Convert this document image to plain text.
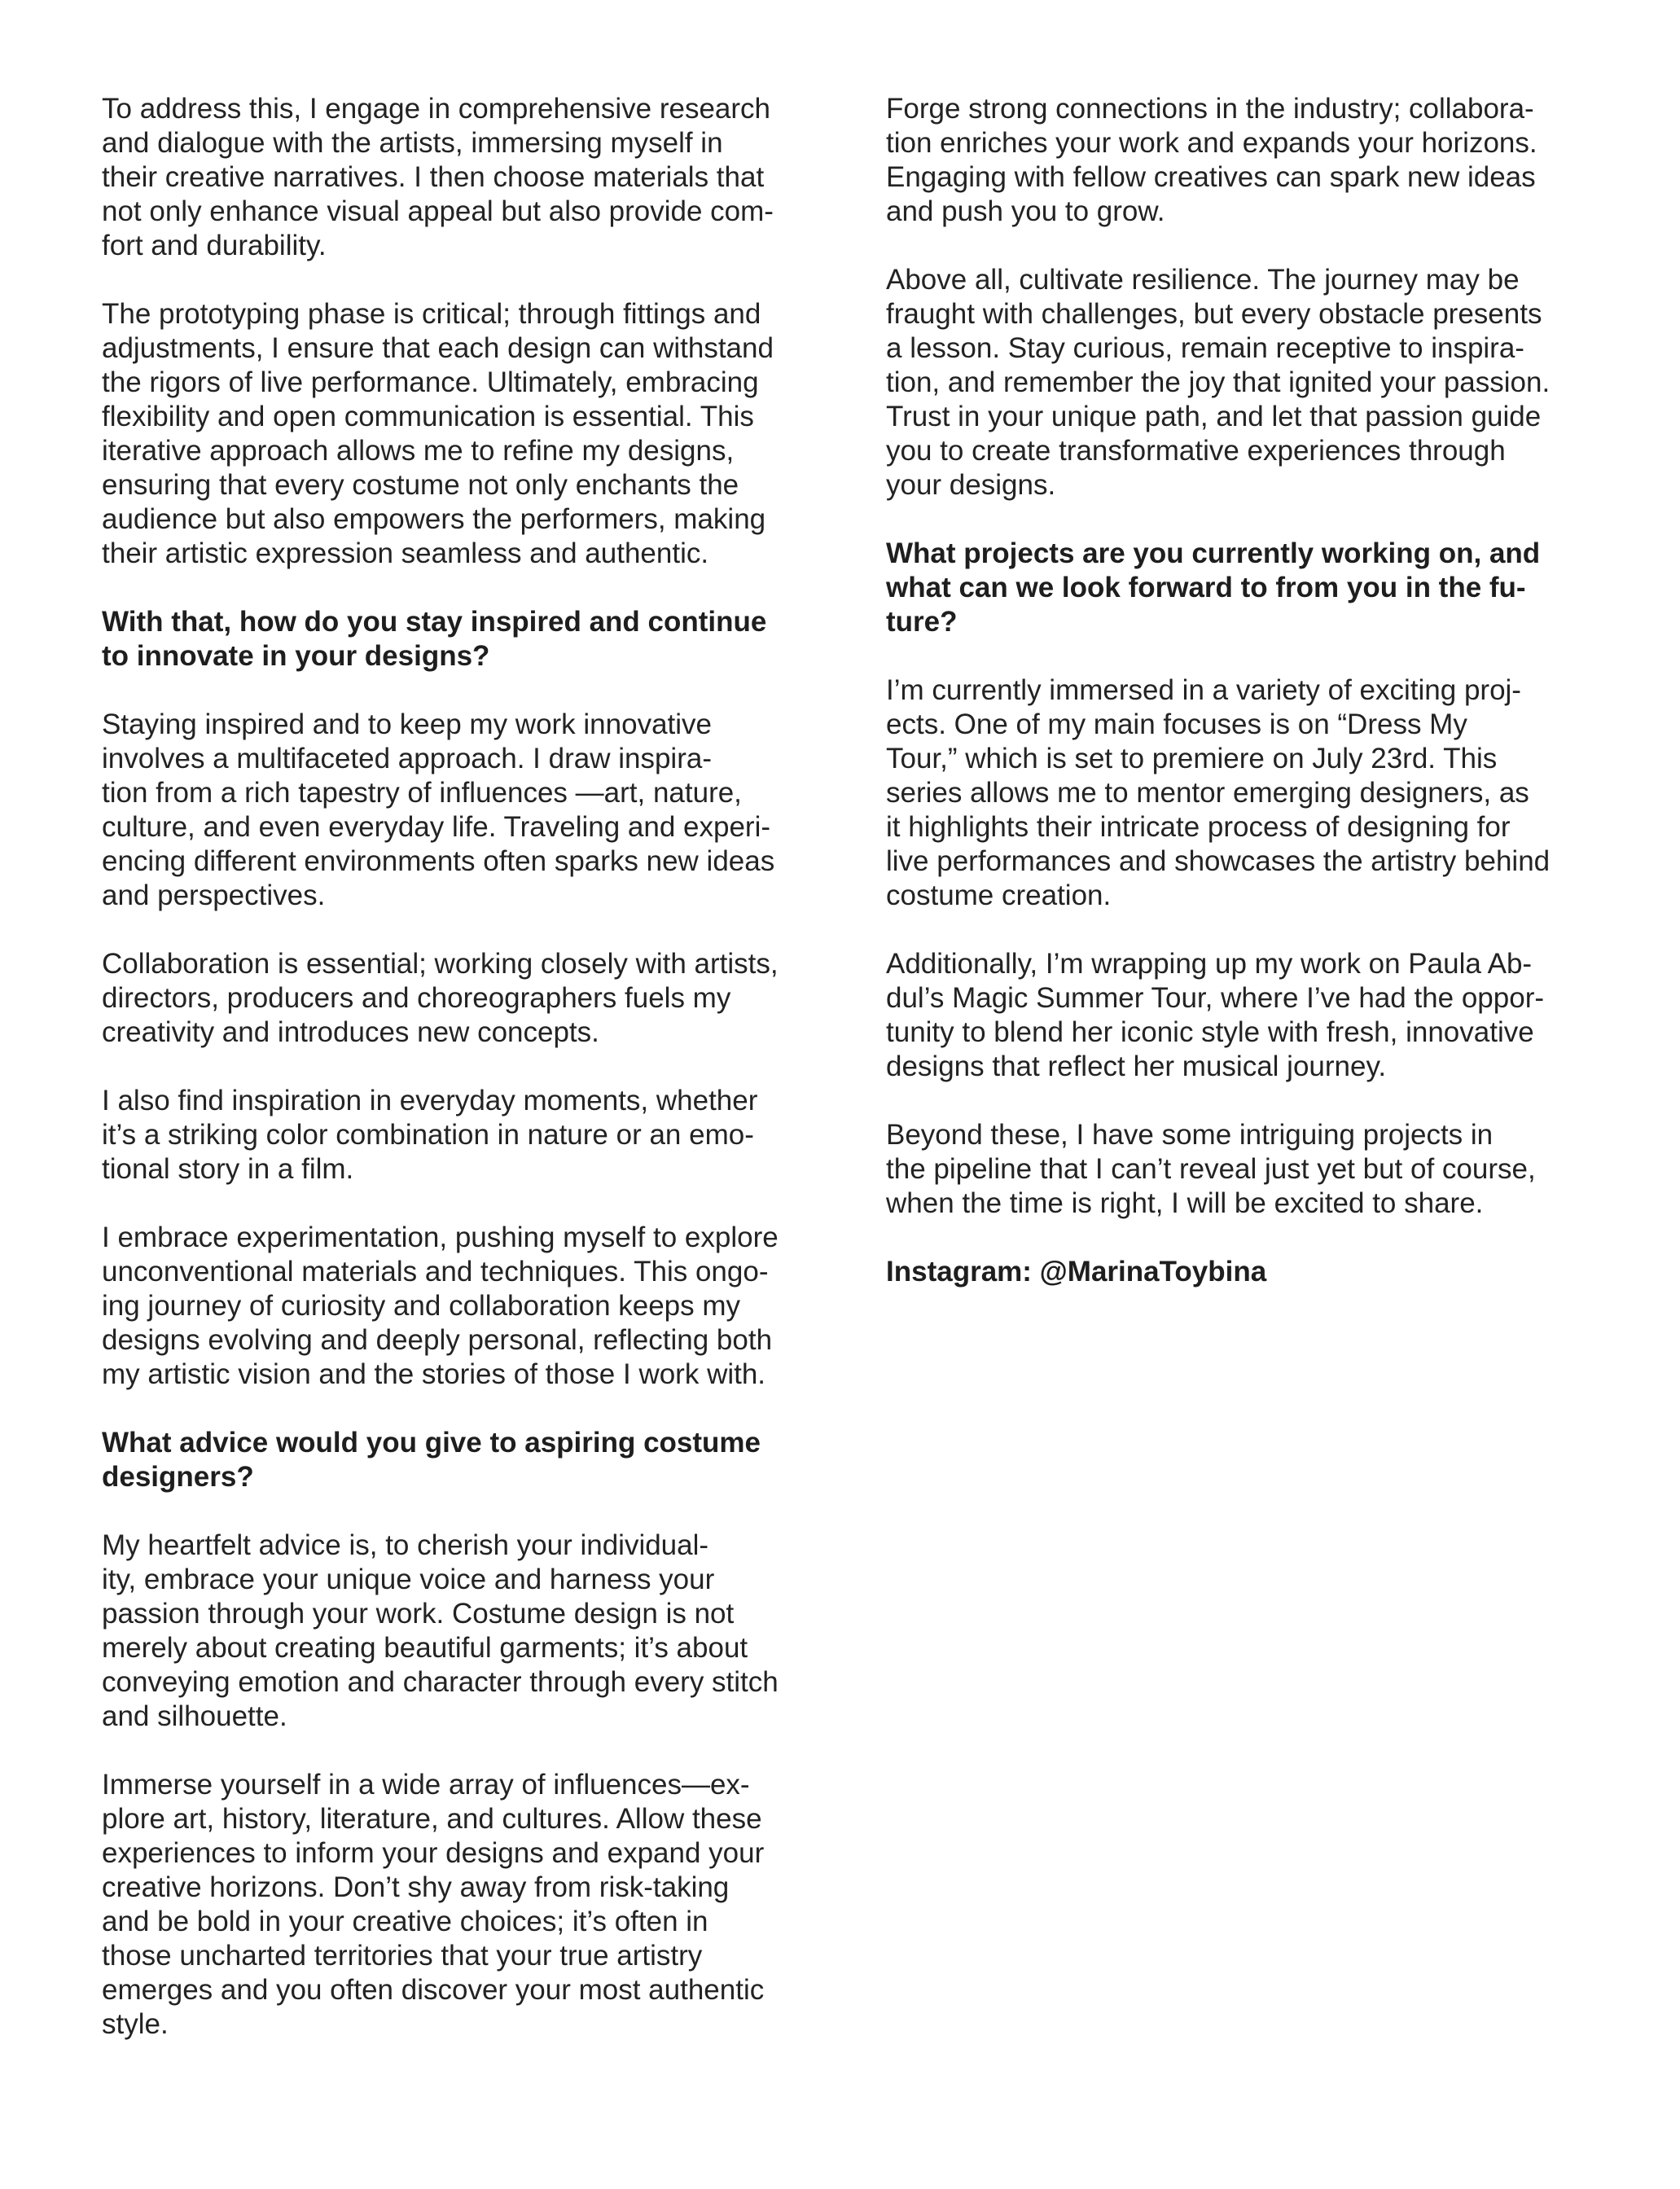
To address this, I engage in comprehensive research
and dialogue with the artists, immersing myself in
their creative narratives. I then choose materials that
not only enhance visual appeal but also provide com-
fort and durability.
The prototyping phase is critical; through fittings and
adjustments, I ensure that each design can withstand
the rigors of live performance. Ultimately, embracing
flexibility and open communication is essential. This
iterative approach allows me to refine my designs,
ensuring that every costume not only enchants the
audience but also empowers the performers, making
their artistic expression seamless and authentic.
With that, how do you stay inspired and continue
to innovate in your designs?
Staying inspired and to keep my work innovative
involves a multifaceted approach. I draw inspira-
tion from a rich tapestry of influences —art, nature,
culture, and even everyday life. Traveling and experi-
encing different environments often sparks new ideas
and perspectives.
Collaboration is essential; working closely with artists,
directors, producers and choreographers fuels my
creativity and introduces new concepts.
I also find inspiration in everyday moments, whether
it’s a striking color combination in nature or an emo-
tional story in a film.
I embrace experimentation, pushing myself to explore
unconventional materials and techniques. This ongo-
ing journey of curiosity and collaboration keeps my
designs evolving and deeply personal, reflecting both
my artistic vision and the stories of those I work with.
What advice would you give to aspiring costume
designers?
My heartfelt advice is, to cherish your individual-
ity, embrace your unique voice and harness your
passion through your work. Costume design is not
merely about creating beautiful garments; it’s about
conveying emotion and character through every stitch
and silhouette.
Immerse yourself in a wide array of influences—ex-
plore art, history, literature, and cultures. Allow these
experiences to inform your designs and expand your
creative horizons. Don’t shy away from risk-taking
and be bold in your creative choices; it’s often in
those uncharted territories that your true artistry
emerges and you often discover your most authentic
style.
Forge strong connections in the industry; collabora-
tion enriches your work and expands your horizons.
Engaging with fellow creatives can spark new ideas
and push you to grow.
Above all, cultivate resilience. The journey may be
fraught with challenges, but every obstacle presents
a lesson. Stay curious, remain receptive to inspira-
tion, and remember the joy that ignited your passion.
Trust in your unique path, and let that passion guide
you to create transformative experiences through
your designs.
What projects are you currently working on, and
what can we look forward to from you in the fu-
ture?
I’m currently immersed in a variety of exciting proj-
ects. One of my main focuses is on “Dress My
Tour,” which is set to premiere on July 23rd. This
series allows me to mentor emerging designers, as
it highlights their intricate process of designing for
live performances and showcases the artistry behind
costume creation.
Additionally, I’m wrapping up my work on Paula Ab-
dul’s Magic Summer Tour, where I’ve had the oppor-
tunity to blend her iconic style with fresh, innovative
designs that reflect her musical journey.
Beyond these, I have some intriguing projects in
the pipeline that I can’t reveal just yet but of course,
when the time is right, I will be excited to share.
Instagram: @MarinaToybina
